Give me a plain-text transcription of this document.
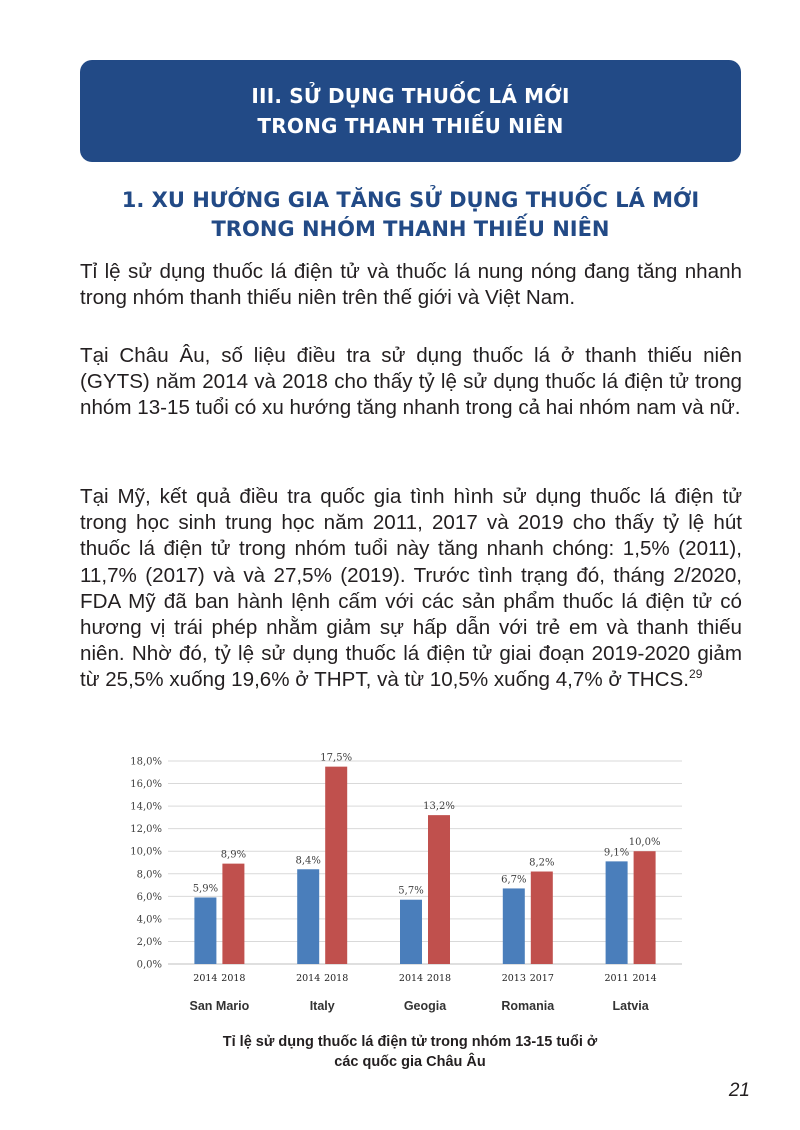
III. SỬ DỤNG THUỐC LÁ MỚI
TRONG THANH THIẾU NIÊN
1. XU HƯỚNG GIA TĂNG SỬ DỤNG THUỐC LÁ MỚI
TRONG NHÓM THANH THIẾU NIÊN

Tỉ lệ sử dụng thuốc lá điện tử và thuốc lá nung nóng đang tăng nhanh trong nhóm thanh thiếu niên trên thế giới và Việt Nam.

Tại Châu Âu, số liệu điều tra sử dụng thuốc lá ở thanh thiếu niên (GYTS) năm 2014 và 2018 cho thấy tỷ lệ sử dụng thuốc lá điện tử trong nhóm 13-15 tuổi có xu hướng tăng nhanh trong cả hai nhóm nam và nữ.

Tại Mỹ, kết quả điều tra quốc gia tình hình sử dụng thuốc lá điện tử trong học sinh trung học năm 2011, 2017 và 2019 cho thấy tỷ lệ hút thuốc lá điện tử trong nhóm tuổi này tăng nhanh chóng: 1,5% (2011), 11,7% (2017) và và 27,5% (2019). Trước tình trạng đó, tháng 2/2020, FDA Mỹ đã ban hành lệnh cấm với các sản phẩm thuốc lá điện tử có hương vị trái phép nhằm giảm sự hấp dẫn với trẻ em và thanh thiếu niên. Nhờ đó, tỷ lệ sử dụng thuốc lá điện tử giai đoạn 2019-2020 giảm từ 25,5% xuống 19,6% ở THPT, và từ 10,5% xuống 4,7% ở THCS.$^{29}$

0,0%
2,0%
4,0%
6,0%
8,0%
10,0%
12,0%
14,0%
16,0%
18,0%
5,9%
2014
8,9%
2018
San Mario
8,4%
2014
17,5%
2018
Italy
5,7%
2014
13,2%
2018
Geogia
6,7%
2013
8,2%
2017
Romania
9,1%
2011
10,0%
2014
Latvia
Tỉ lệ sử dụng thuốc lá điện tử trong nhóm 13-15 tuổi ở
các quốc gia Châu Âu
21
